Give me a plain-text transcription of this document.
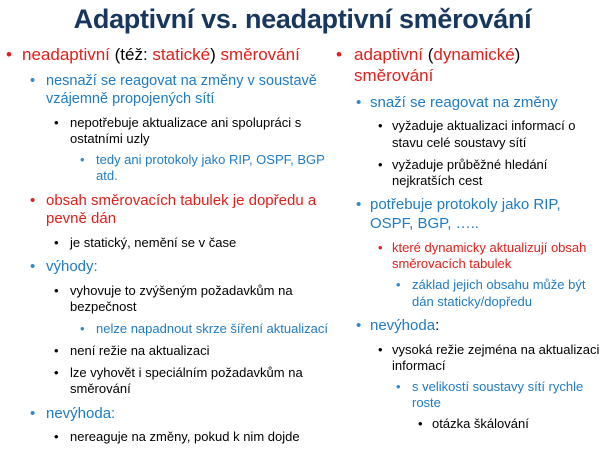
Adaptivní vs. neadaptivní směrování
• neadaptivní (též: statické) směrování
• nesnaží se reagovat na změny v soustavě vzájemně propojených sítí
• nepotřebuje aktualizace ani spolupráci s ostatními uzly
• tedy ani protokoly jako RIP, OSPF, BGP atd.
• obsah směrovacích tabulek je dopředu a pevně dán
• je statický, nemění se v čase
• výhody:
• vyhovuje to zvýšeným požadavkům na bezpečnost
• nelze napadnout skrze šíření aktualizací
• není režie na aktualizaci
• lze vyhovět i speciálním požadavkům na směrování
• nevýhoda:
• nereaguje na změny, pokud k nim dojde
• adaptivní (dynamické)
směrování
• snaží se reagovat na změny
• vyžaduje aktualizaci informací o stavu celé soustavy sítí
• vyžaduje průběžné hledání nejkratších cest
• potřebuje protokoly jako RIP, OSPF, BGP, …..
• které dynamicky aktualizují obsah směrovacích tabulek
• základ jejich obsahu může být dán staticky/dopředu
• nevýhoda:
• vysoká režie zejména na aktualizaci informací
• s velikostí soustavy sítí rychle roste
• otázka škálování
